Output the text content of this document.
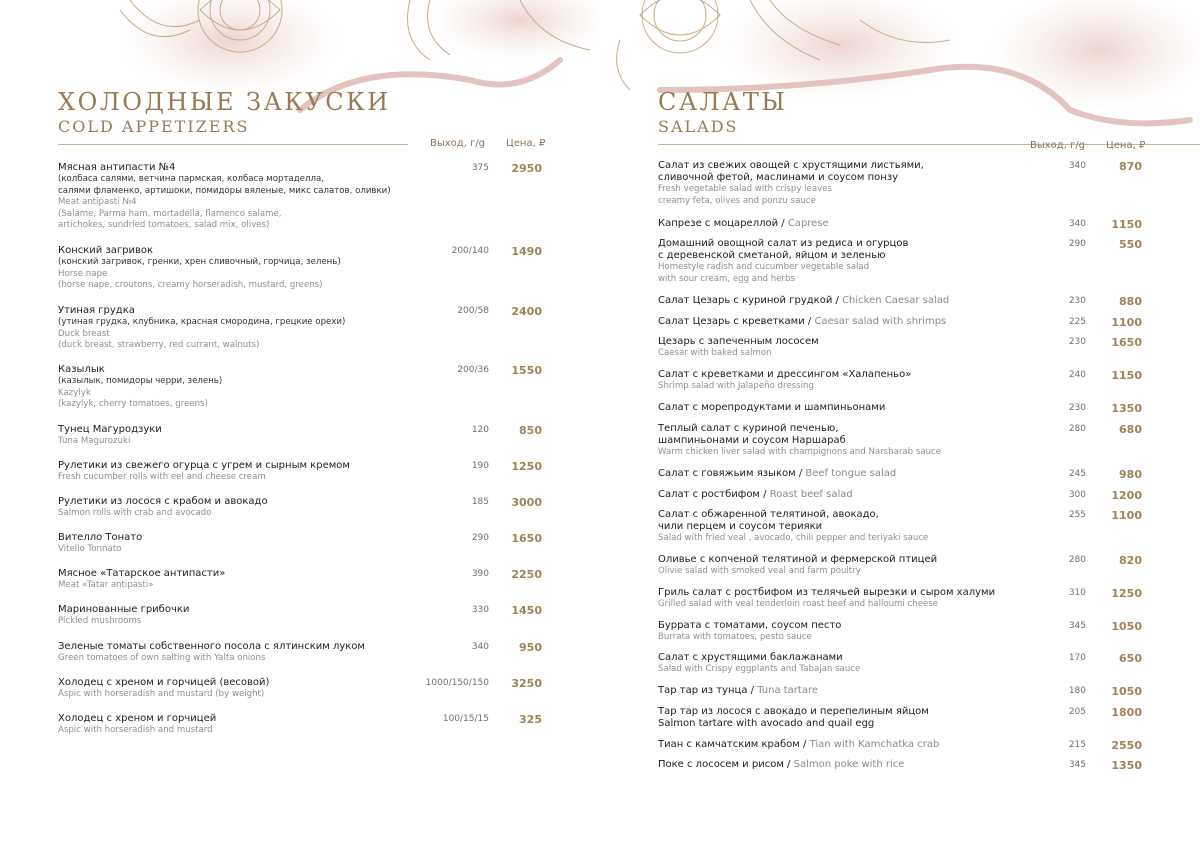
ХОЛОДНЫЕ ЗАКУСКИ
COLD APPETIZERS
Выход, г/g Цена, ₽
Мясная антипасти №4
(колбаса салями, ветчина пармская, колбаса мортаделла,
салями фламенко, артишоки, помидоры вяленые, микс салатов, оливки)
Meat antipasti №4
(Salame, Parma ham, mortadella, flamenco salame,
artichokes, sundried tomatoes, salad mix, olives)
375	2950
Конский загривок
(конский загривок, гренки, хрен сливочный, горчица, зелень)
Horse nape
(horse nape, croutons, creamy horseradish, mustard, greens)
200/140	1490
Утиная грудка
(утиная грудка, клубника, красная смородина, грецкие орехи)
Duck breast
(duck breast, strawberry, red currant, walnuts)
200/58	2400
Казылык
(казылык, помидоры черри, зелень)
Kazylyk
(kazylyk, cherry tomatoes, greens)
200/36	1550
Тунец Магуродзуки
Tuna Magurozuki
120	850
Рулетики из свежего огурца с угрем и сырным кремом
Fresh cucumber rolls with eel and cheese cream
190	1250
Рулетики из лосося с крабом и авокадо
Salmon rolls with crab and avocado
185	3000
Вителло Тонато
Vitello Tonnato
290	1650
Мясное «Татарское антипасти»
Meat «Tatar antipasti»
390	2250
Маринованные грибочки
Pickled mushrooms
330	1450
Зеленые томаты собственного посола с ялтинским луком
Green tomatoes of own salting with Yalta onions
340	950
Холодец с хреном и горчицей (весовой)
Aspic with horseradish and mustard (by weight)
1000/150/150	3250
Холодец с хреном и горчицей
Aspic with horseradish and mustard
100/15/15	325
САЛАТЫ
SALADS
Выход, г/g Цена, ₽
Салат из свежих овощей с хрустящими листьями,
сливочной фетой, маслинами и соусом понзу
Fresh vegetable salad with crispy leaves
creamy feta, olives and ponzu sauce
340	870
Капрезе с моцареллой / Caprese	340	1150
Домашний овощной салат из редиса и огурцов
с деревенской сметаной, яйцом и зеленью
Homestyle radish and cucumber vegetable salad
with sour cream, egg and herbs
290	550
Салат Цезарь с куриной грудкой / Chicken Caesar salad	230	880
Салат Цезарь с креветками / Caesar salad with shrimps	225	1100
Цезарь с запеченным лососем
Caesar with baked salmon
230	1650
Салат с креветками и дрессингом «Халапеньо»
Shrimp salad with Jalapeño dressing
240	1150
Салат с морепродуктами и шампиньонами	230	1350
Теплый салат с куриной печенью,
шампиньонами и соусом Наршараб
Warm chicken liver salad with champignons and Narsharab sauce
280	680
Салат с говяжьим языком / Beef tongue salad	245	980
Салат с ростбифом / Roast beef salad	300	1200
Салат с обжаренной телятиной, авокадо,
чили перцем и соусом терияки
Salad with fried veal , avocado, chili pepper and teriyaki sauce
255	1100
Оливье с копченой телятиной и фермерской птицей
Olivie salad with smoked veal and farm poultry
280	820
Гриль салат с ростбифом из телячьей вырезки и сыром халуми
Grilled salad with veal tenderloin roast beef and halloumi cheese
310	1250
Буррата с томатами, соусом песто
Burrata with tomatoes, pesto sauce
345	1050
Салат с хрустящими баклажанами
Salad with Crispy eggplants and Tabajan sauce
170	650
Тар тар из тунца / Tuna tartare	180	1050
Тар тар из лосося с авокадо и перепелиным яйцом
Salmon tartare with avocado and quail egg
205	1800
Тиан с камчатским крабом / Tian with Kamchatka crab	215	2550
Поке с лососем и рисом / Salmon poke with rice	345	1350
